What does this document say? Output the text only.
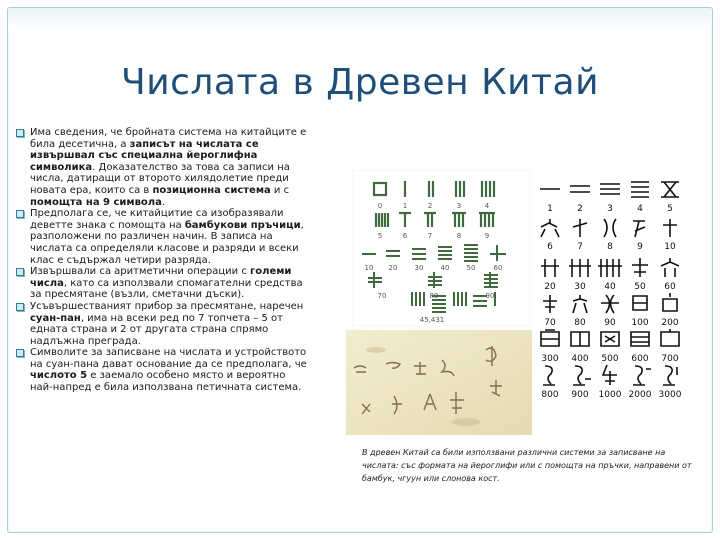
Числата в Древен Китай
Има сведения, че бройната система на китайците е била десетична, а записът на числата се извършвал със специална йероглифна символика. Доказателство за това са записи на числа, датиращи от второто хилядолетие преди новата ера, които са в позиционна система и с помощта на 9 символа.
Предполага се, че китайцитие са изобразявали деветте знака с помощта на бамбукови пръчици, разположени по различен начин. В записа на числата са определяли класове и разряди и всеки клас е съдържал четири разряда.
Извършвали са аритметични операции с големи числа, като са използвали спомагателни средства за пресмятане (възли, сметачни дъски).
Усъвършестваният прибор за пресмятане, наречен суан-пан, има на всеки ред по 7 топчета – 5 от едната страна и 2 от другата страна спрямо надлъжна преграда.
Символите за записване на числата и устройството на суан-пана дават основание да се предполага, че числото 5 е заемало особено място и вероятно най-напред е била използвана петичната система.
0	1	2	3	4
5	6	7	8	9
10 20 30 40 50	60
70	80	90
45,431
1	2	3	4	5
6	7	8	9 10
20 30 40 50 60
70 80 90 100 200
300 400 500 600 700
800 900 1000 2000 3000
В древен Китай са били използвани различни системи за записване на числата: със формата на йероглифи или с помощта на пръчки, направени от бамбук, чгуун или слонова кост.
